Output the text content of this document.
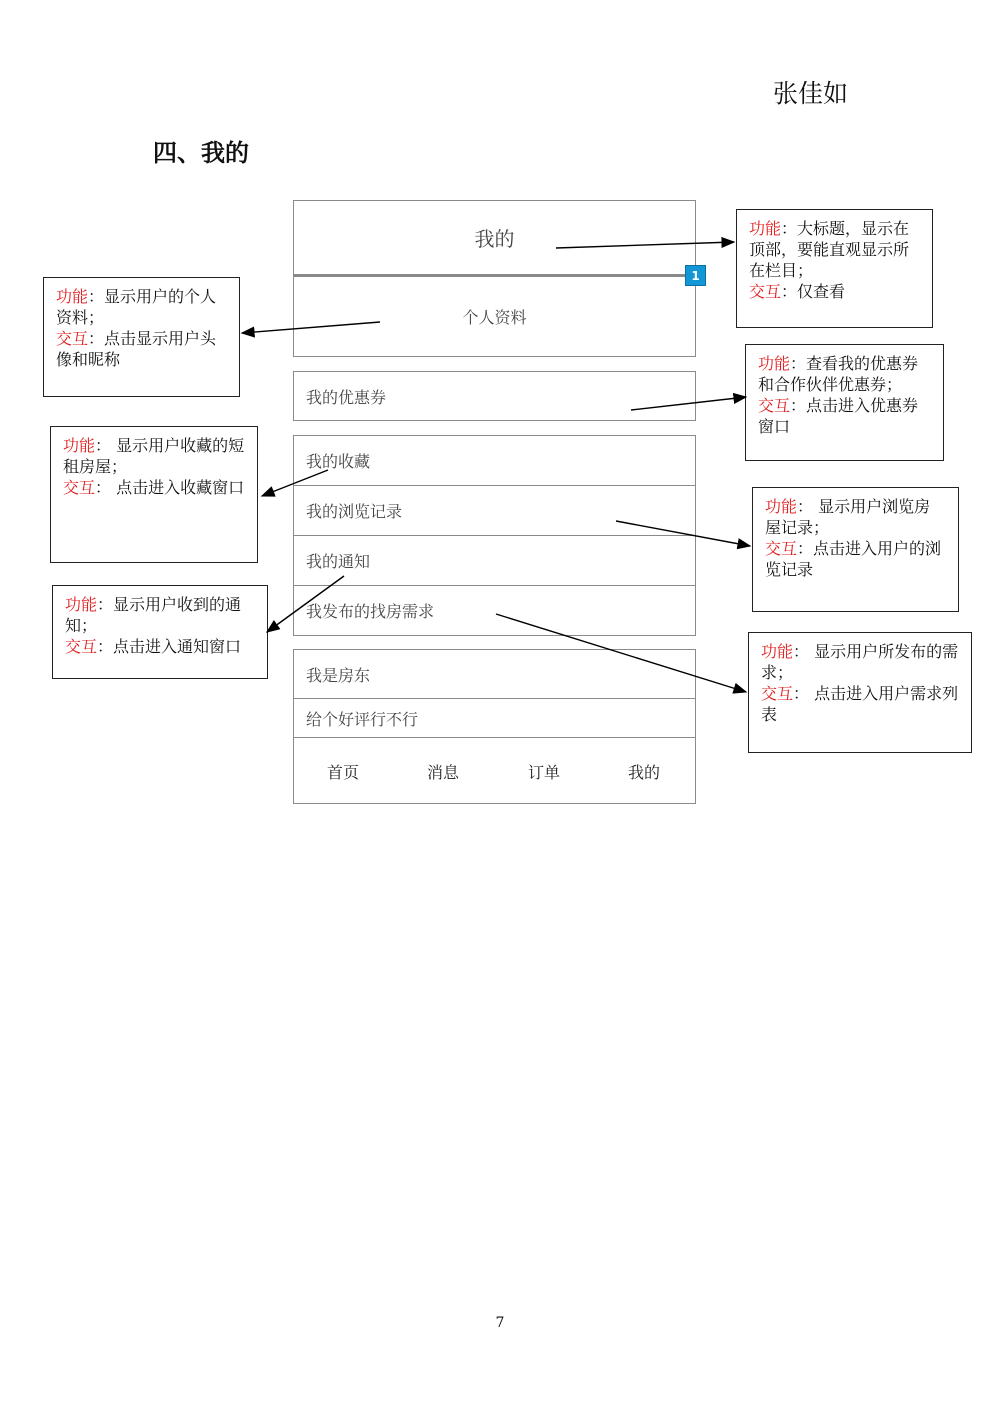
张佳如
四、我的
我的
个人资料
1
我的优惠券
我的收藏
我的浏览记录
我的通知
我发布的找房需求
我是房东
给个好评行不行
首页	消息	订单	我的
功能：大标题，显示在顶部，要能直观显示所在栏目；
交互：仅查看
功能：显示用户的个人资料；
交互：点击显示用户头像和昵称	功能：查看我的优惠券和合作伙伴优惠券；
交互：点击进入优惠券窗口
功能： 显示用户收藏的短租房屋；
交互： 点击进入收藏窗口
功能： 显示用户浏览房屋记录；
交互：点击进入用户的浏览记录
功能：显示用户收到的通知；
交互：点击进入通知窗口	功能： 显示用户所发布的需求；
交互： 点击进入用户需求列表
7
